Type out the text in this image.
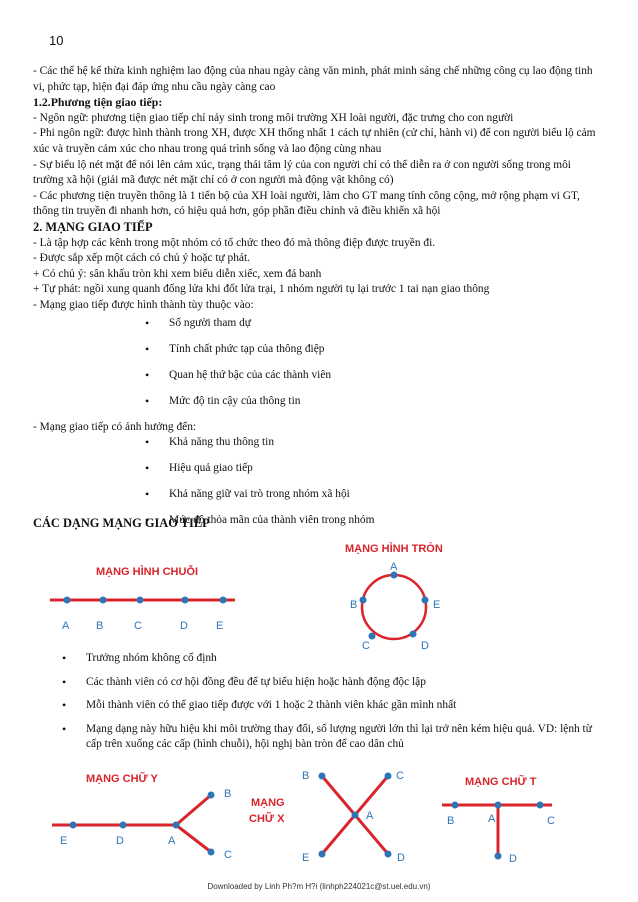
10

- Các thế hệ kế thừa kinh nghiệm lao động của nhau ngày càng văn minh, phát minh sáng chế những công cụ lao động tinh vi, phức tạp, hiện đại đáp ứng nhu cầu ngày càng cao

1.2.Phương tiện giao tiếp:

- Ngôn ngữ: phương tiện giao tiếp chỉ nảy sinh trong môi trường XH loài người, đặc trưng cho con người

- Phi ngôn ngữ: được hình thành trong XH, được XH thống nhất 1 cách tự nhiên (cử chỉ, hành vi) để con người biểu lộ cảm xúc và truyền cảm xúc cho nhau trong quá trình sống và lao động cùng nhau

- Sự biểu lộ nét mặt để nói lên cảm xúc, trạng thái tâm lý của con người chỉ có thể diễn ra ở con người sống trong môi trường xã hội (giải mã được nét mặt chỉ có ở con người mà động vật không có)

- Các phương tiện truyền thông là 1 tiến bộ của XH loài người, làm cho GT mang tính công cộng, mở rộng phạm vi GT, thông tin truyền đi nhanh hơn, có hiệu quả hơn, góp phần điều chỉnh và điều khiển xã hội

2. MẠNG GIAO TIẾP

- Là tập hợp các kênh trong một nhóm có tổ chức theo đó mà thông điệp được truyền đi.

- Được sắp xếp một cách có chủ ý hoặc tự phát.

+ Có chủ ý: sân khấu tròn khi xem biểu diễn xiếc, xem đá banh

+ Tự phát: ngồi xung quanh đống lửa khi đốt lửa trại, 1 nhóm người tụ lại trước 1 tai nạn giao thông

- Mạng giao tiếp được hình thành tùy thuộc vào:

• Số người tham dự
• Tính chất phức tạp của thông điệp
• Quan hệ thứ bậc của các thành viên
• Mức độ tin cậy của thông tin

- Mạng giao tiếp có ảnh hưởng đến:

• Khả năng thu thông tin
• Hiệu quả giao tiếp
• Khả năng giữ vai trò trong nhóm xã hội
• Mức độ thỏa mãn của thành viên trong nhóm
CÁC DẠNG MẠNG GIAO TIẾP
MẠNG HÌNH CHUỖI
A B	C	D	E
MẠNG HÌNH TRÒN
A
B
C	D
E
MẠNG CHỮ Y
E	D	A
B
C
MẠNG
CHỮ X
B	C
A
E	D
MẠNG CHỮ T
B	A	C
D
• Trưởng nhóm không cố định
• Các thành viên có cơ hội đồng đều để tự biểu hiện hoặc hành động độc lập
• Mỗi thành viên có thể giao tiếp được với 1 hoặc 2 thành viên khác gần mình nhất
• Mạng dạng này hữu hiệu khi môi trường thay đổi, số lượng người lớn thì lại trở nên kém hiệu quả. VD: lệnh từ cấp trên xuống các cấp (hình chuỗi), hội nghị bàn tròn để cao dân chủ
Downloaded by Linh Ph?m H?i (linhph224021c@st.uel.edu.vn)
